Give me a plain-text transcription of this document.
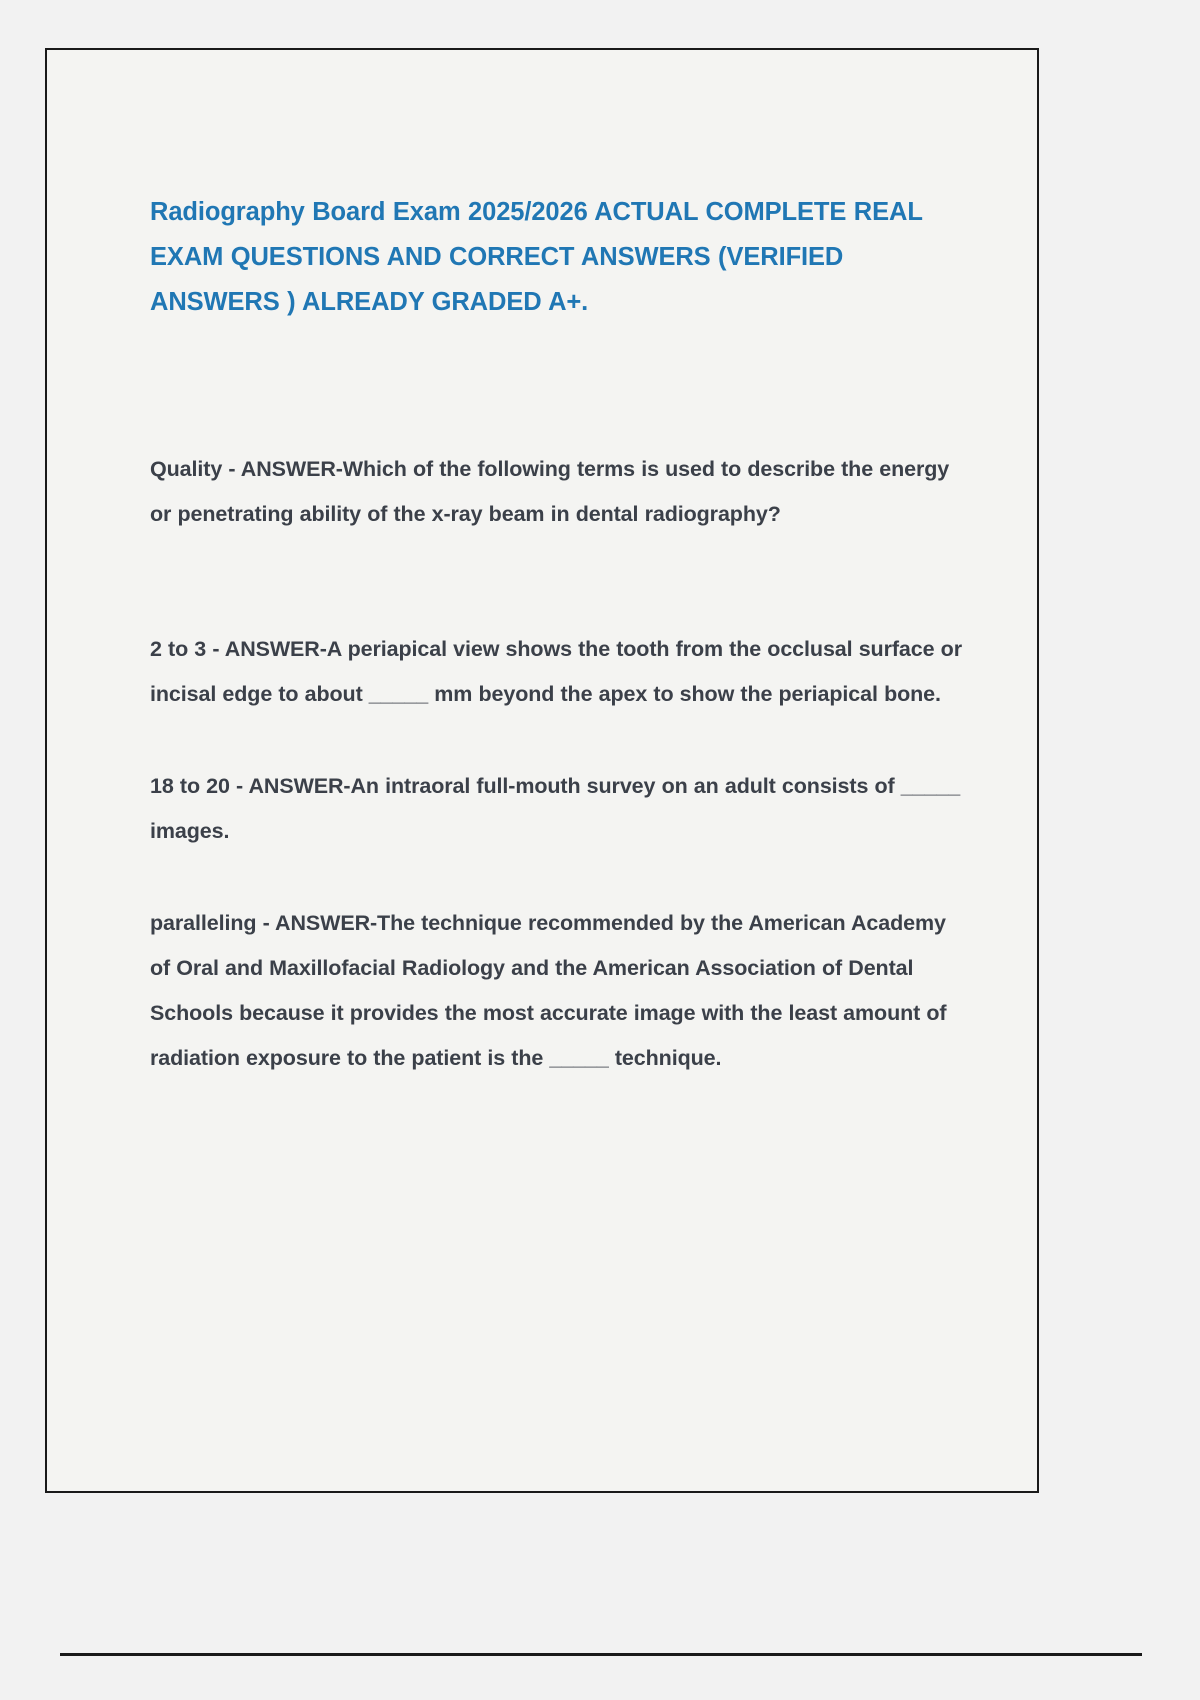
Radiography Board Exam 2025/2026 ACTUAL COMPLETE REAL EXAM QUESTIONS AND CORRECT ANSWERS (VERIFIED ANSWERS ) ALREADY GRADED A+.

Quality - ANSWER-Which of the following terms is used to describe the energy or penetrating ability of the x-ray beam in dental radiography?

2 to 3 - ANSWER-A periapical view shows the tooth from the occlusal surface or incisal edge to about _____ mm beyond the apex to show the periapical bone.

18 to 20 - ANSWER-An intraoral full-mouth survey on an adult consists of _____ images.

paralleling - ANSWER-The technique recommended by the American Academy of Oral and Maxillofacial Radiology and the American Association of Dental Schools because it provides the most accurate image with the least amount of radiation exposure to the patient is the _____ technique.
